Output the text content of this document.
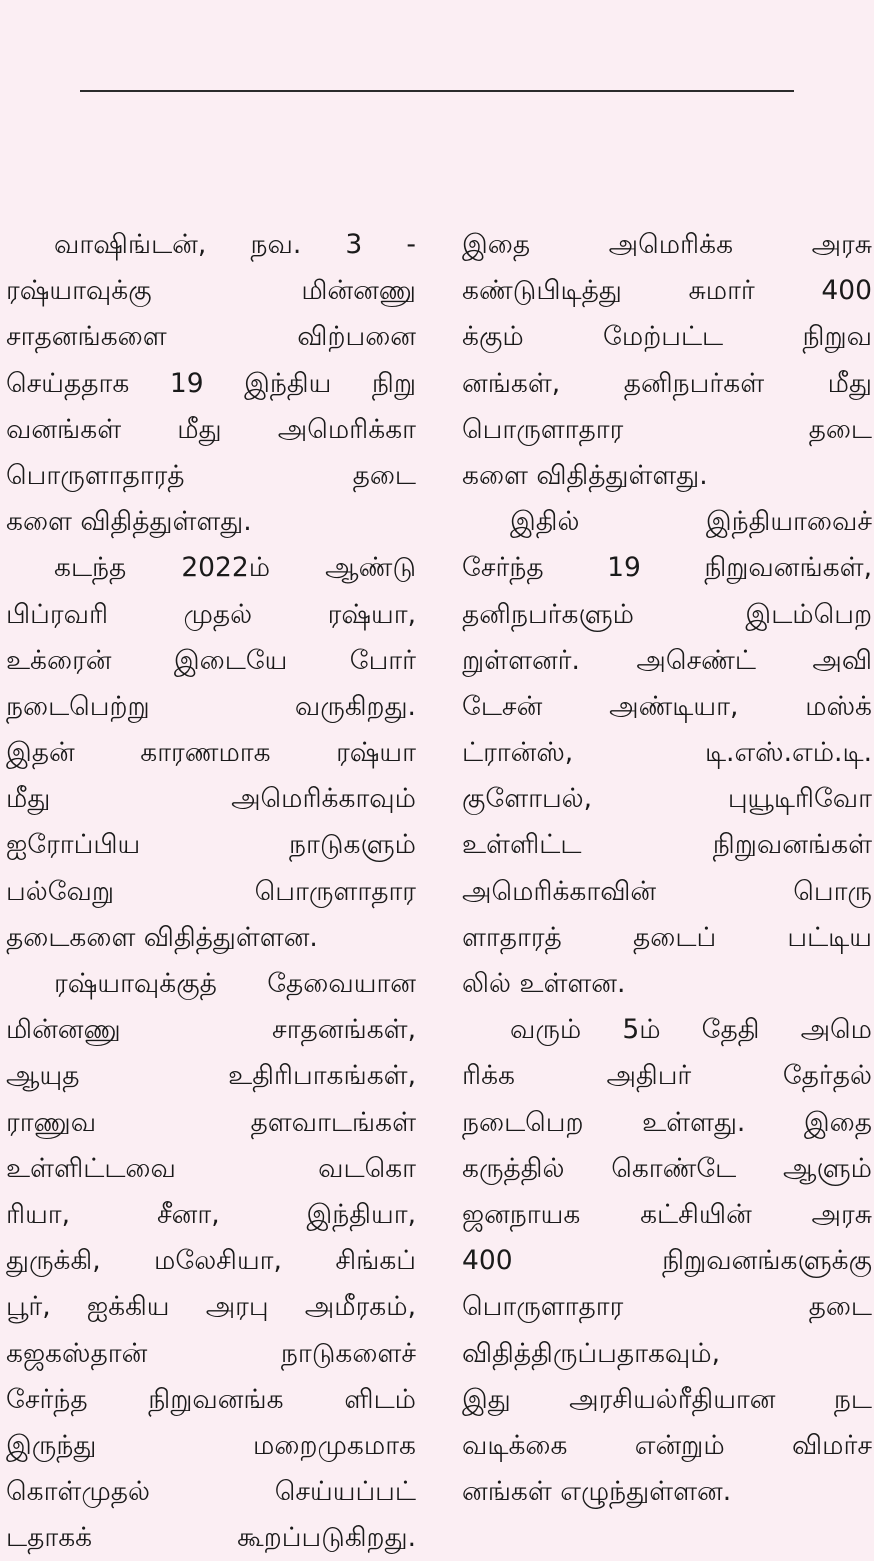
வாஷிங்டன், நவ. 3 -
ரஷ்யாவுக்கு மின்னணு
சாதனங்களை விற்பனை
செய்ததாக 19 இந்திய நிறு
வனங்கள் மீது அமெரிக்கா
பொருளாதாரத் தடை
களை விதித்துள்ளது.
கடந்த 2022ம் ஆண்டு
பிப்ரவரி முதல் ரஷ்யா,
உக்ரைன் இடையே போர்
நடைபெற்று வருகிறது.
இதன் காரணமாக ரஷ்யா
மீது அமெரிக்காவும்
ஐரோப்பிய நாடுகளும்
பல்வேறு பொருளாதார
தடைகளை விதித்துள்ளன.
ரஷ்யாவுக்குத் தேவையான
மின்னணு சாதனங்கள்,
ஆயுத உதிரிபாகங்கள்,
ராணுவ தளவாடங்கள்
உள்ளிட்டவை வடகொ
ரியா, சீனா, இந்தியா,
துருக்கி, மலேசியா, சிங்கப்
பூர், ஐக்கிய அரபு அமீரகம்,
கஜகஸ்தான் நாடுகளைச்
சேர்ந்த நிறுவனங்க ளிடம்
இருந்து மறைமுகமாக
கொள்முதல் செய்யப்பட்
டதாகக் கூறப்படுகிறது.
இதை அமெரிக்க அரசு
கண்டுபிடித்து சுமார் 400
க்கும் மேற்பட்ட நிறுவ
னங்கள், தனிநபர்கள் மீது
பொருளாதார தடை
களை விதித்துள்ளது.
இதில் இந்தியாவைச்
சேர்ந்த 19 நிறுவனங்கள்,
தனிநபர்களும் இடம்பெற
றுள்ளனர். அசெண்ட் அவி
டேசன் அண்டியா, மஸ்க்
ட்ரான்ஸ், டி.எஸ்.எம்.டி.
குளோபல், புயூடிரிவோ
உள்ளிட்ட நிறுவனங்கள்
அமெரிக்காவின் பொரு
ளாதாரத் தடைப் பட்டிய
லில் உள்ளன.
வரும் 5ம் தேதி அமெ
ரிக்க அதிபர் தேர்தல்
நடைபெற உள்ளது. இதை
கருத்தில் கொண்டே ஆளும்
ஜனநாயக கட்சியின் அரசு
400 நிறுவனங்களுக்கு
பொருளாதார தடை
விதித்திருப்பதாகவும்,
இது அரசியல்ரீதியான நட
வடிக்கை என்றும் விமர்ச
னங்கள் எழுந்துள்ளன.
